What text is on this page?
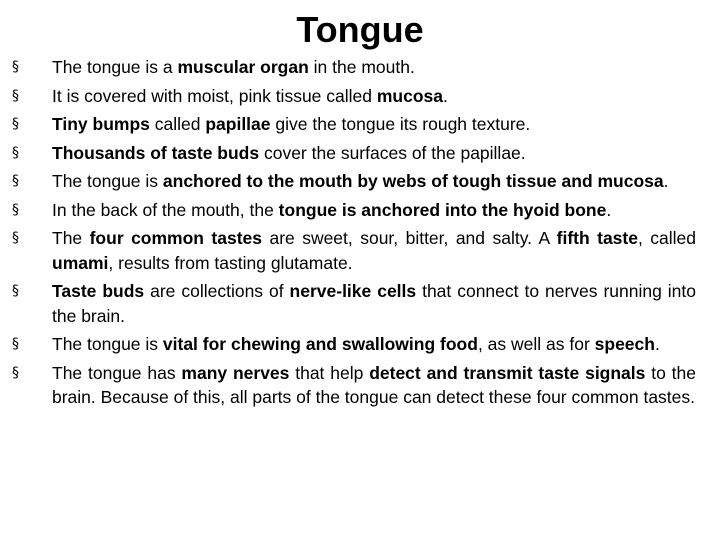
Tongue
§	The tongue is a muscular organ in the mouth.
§	It is covered with moist, pink tissue called mucosa.
§	Tiny bumps called papillae give the tongue its rough texture.
§	Thousands of taste buds cover the surfaces of the papillae.
§	The tongue is anchored to the mouth by webs of tough tissue and mucosa.
§	In the back of the mouth, the tongue is anchored into the hyoid bone.
§	The four common tastes are sweet, sour, bitter, and salty. A fifth taste, called umami, results from tasting glutamate.
§	Taste buds are collections of nerve-like cells that connect to nerves running into the brain.
§	The tongue is vital for chewing and swallowing food, as well as for speech.
§	The tongue has many nerves that help detect and transmit taste signals to the brain. Because of this, all parts of the tongue can detect these four common tastes.
